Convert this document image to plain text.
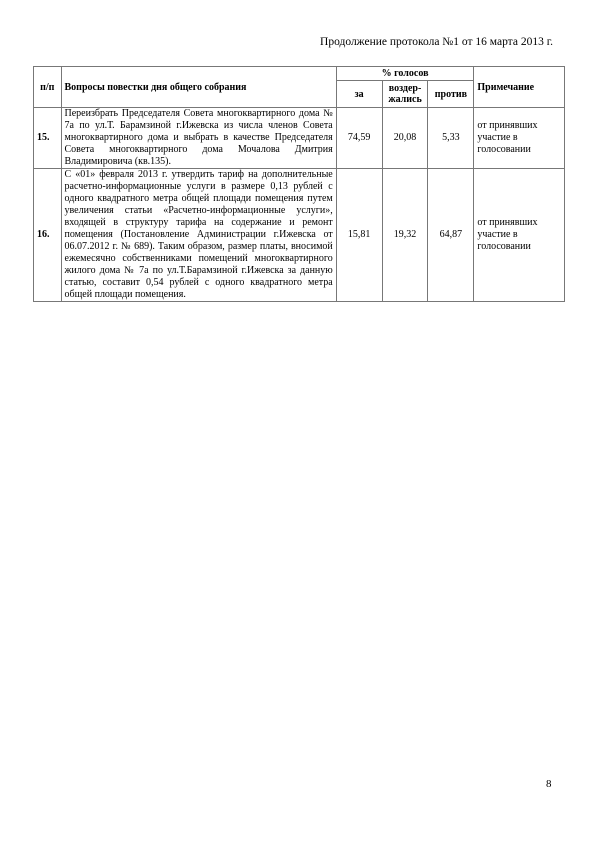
Продолжение протокола №1 от 16 марта 2013 г.
п/п	Вопросы повестки дня общего собрания	% голосов			Примечание
		за	воздер-жались	против	
15.	Переизбрать Председателя Совета многоквартирного дома № 7а по ул.Т. Барамзиной г.Ижевска из числа членов Совета многоквартирного дома и выбрать в качестве Председателя Совета многоквартирного дома Мочалова Дмитрия Владимировича (кв.135).	74,59	20,08	5,33	от принявших участие в голосовании
16.	С «01» февраля 2013 г. утвердить тариф на дополнительные расчетно-информационные услуги в размере 0,13 рублей с одного квадратного метра общей площади помещения путем увеличения статьи «Расчетно-информационные услуги», входящей в структуру тарифа на содержание и ремонт помещения (Постановление Администрации г.Ижевска от 06.07.2012 г. № 689). Таким образом, размер платы, вносимой ежемесячно собственниками помещений многоквартирного жилого дома № 7а по ул.Т.Барамзиной г.Ижевска за данную статью, составит 0,54 рублей с одного квадратного метра общей площади помещения.	15,81	19,32	64,87	от принявших участие в голосовании
8
